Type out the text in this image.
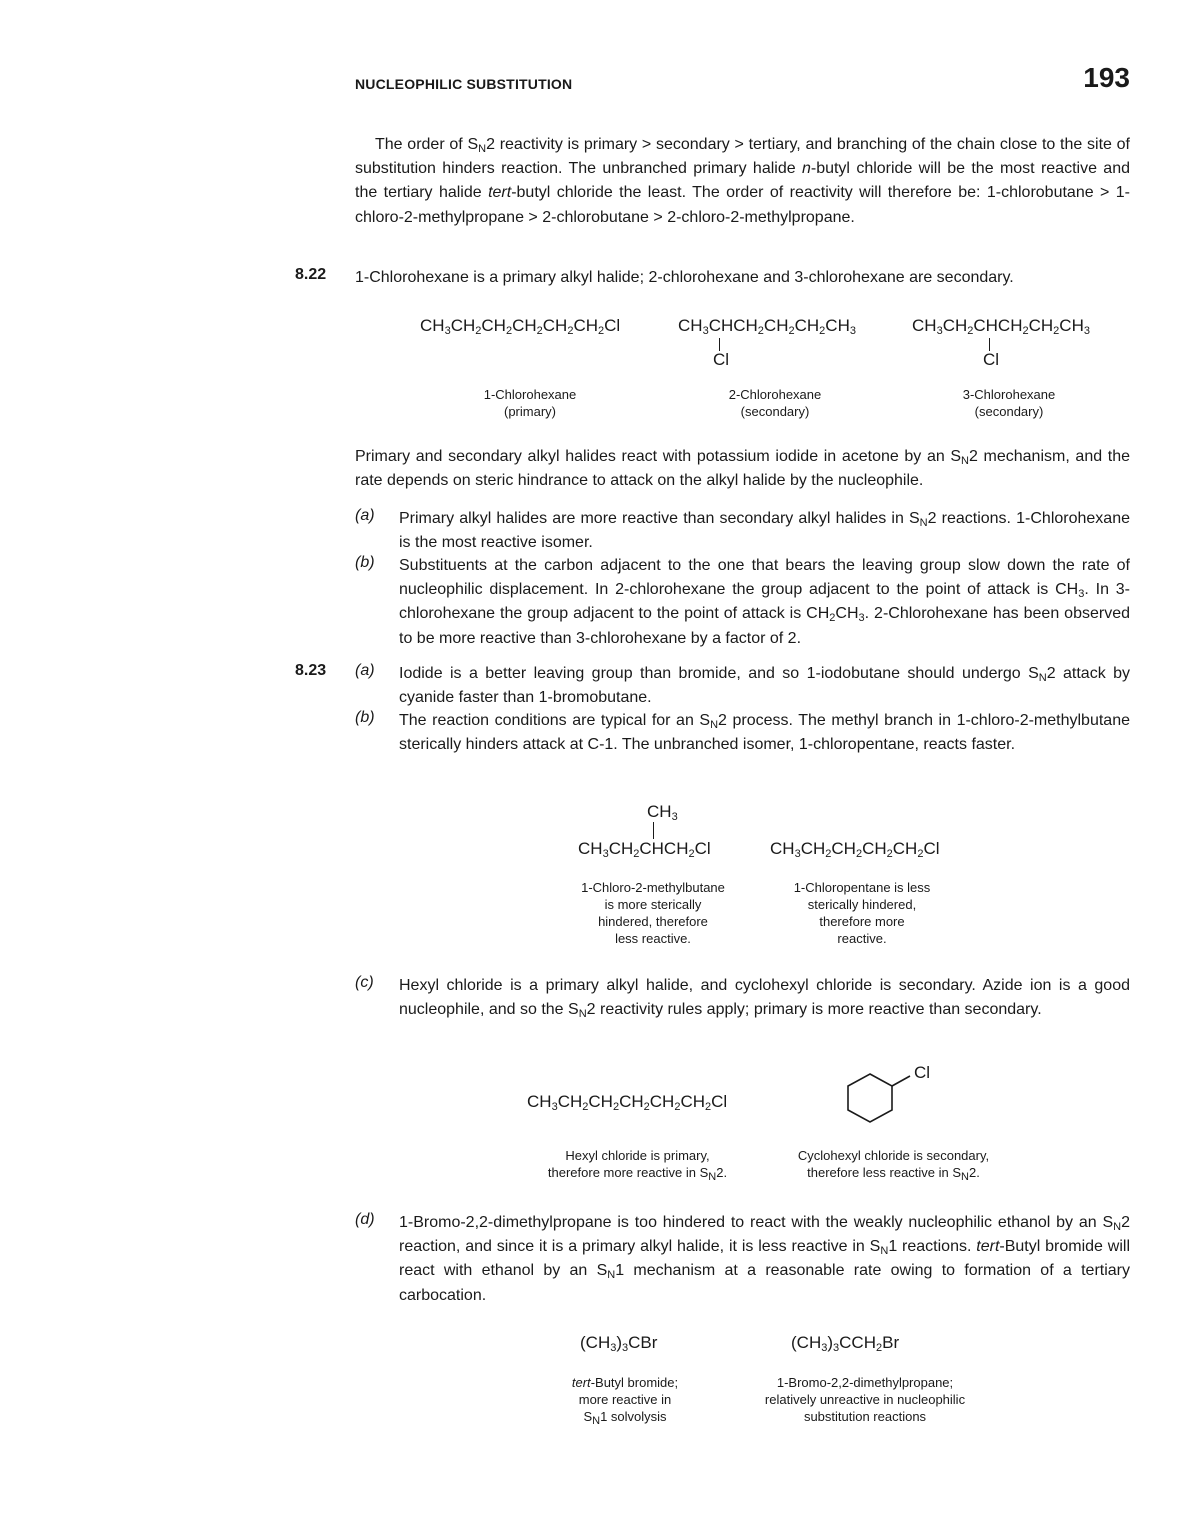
NUCLEOPHILIC SUBSTITUTION	193

The order of $S_N2$ reactivity is primary > secondary > tertiary, and branching of the chain close to the site of substitution hinders reaction. The unbranched primary halide n-butyl chloride will be the most reactive and the tertiary halide tert-butyl chloride the least. The order of reactivity will therefore be: 1-chlorobutane > 1-chloro-2-methylpropane > 2-chlorobutane > 2-chloro-2-methylpropane.

8.22 1-Chlorohexane is a primary alkyl halide; 2-chlorohexane and 3-chlorohexane are secondary.
$CH_3CH_2CH_2CH_2CH_2CH_2Cl$	$CH_3CHCH_2CH_2CH_2CH_3$
Cl
$CH_3CH_2CHCH_2CH_2CH_3$
Cl
1-Chlorohexane
(primary)
2-Chlorohexane
(secondary)
3-Chlorohexane
(secondary)

Primary and secondary alkyl halides react with potassium iodide in acetone by an $S_N2$ mechanism, and the rate depends on steric hindrance to attack on the alkyl halide by the nucleophile.

(a) Primary alkyl halides are more reactive than secondary alkyl halides in $S_N2$ reactions. 1-Chlorohexane is the most reactive isomer.

(b) Substituents at the carbon adjacent to the one that bears the leaving group slow down the rate of nucleophilic displacement. In 2-chlorohexane the group adjacent to the point of attack is $CH_3$. In 3-chlorohexane the group adjacent to the point of attack is $CH_2CH_3$. 2-Chlorohexane has been observed to be more reactive than 3-chlorohexane by a factor of 2.

8.23 (a) Iodide is a better leaving group than bromide, and so 1-iodobutane should undergo $S_N2$ attack by cyanide faster than 1-bromobutane.

(b) The reaction conditions are typical for an $S_N2$ process. The methyl branch in 1-chloro-2-methylbutane sterically hinders attack at C-1. The unbranched isomer, 1-chloropentane, reacts faster.

$CH_3$
$CH_3CH_2CHCH_2Cl$	$CH_3CH_2CH_2CH_2CH_2Cl$
1-Chloro-2-methylbutane
is more sterically
hindered, therefore
less reactive.
1-Chloropentane is less
sterically hindered,
therefore more
reactive.
(c) Hexyl chloride is a primary alkyl halide, and cyclohexyl chloride is secondary. Azide ion is a good nucleophile, and so the $S_N2$ reactivity rules apply; primary is more reactive than secondary.

$CH_3CH_2CH_2CH_2CH_2CH_2Cl$
Cl
Hexyl chloride is primary,
therefore more reactive in $S_N2$.
Cyclohexyl chloride is secondary,
therefore less reactive in $S_N2$.
(d) 1-Bromo-2,2-dimethylpropane is too hindered to react with the weakly nucleophilic ethanol by an $S_N2$ reaction, and since it is a primary alkyl halide, it is less reactive in $S_N1$ reactions. tert-Butyl bromide will react with ethanol by an $S_N1$ mechanism at a reasonable rate owing to formation of a tertiary carbocation.

$(CH_3)_3CBr$	$(CH_3)_3CCH_2Br$
tert-Butyl bromide;
more reactive in
$S_N1$ solvolysis
1-Bromo-2,2-dimethylpropane;
relatively unreactive in nucleophilic
substitution reactions
